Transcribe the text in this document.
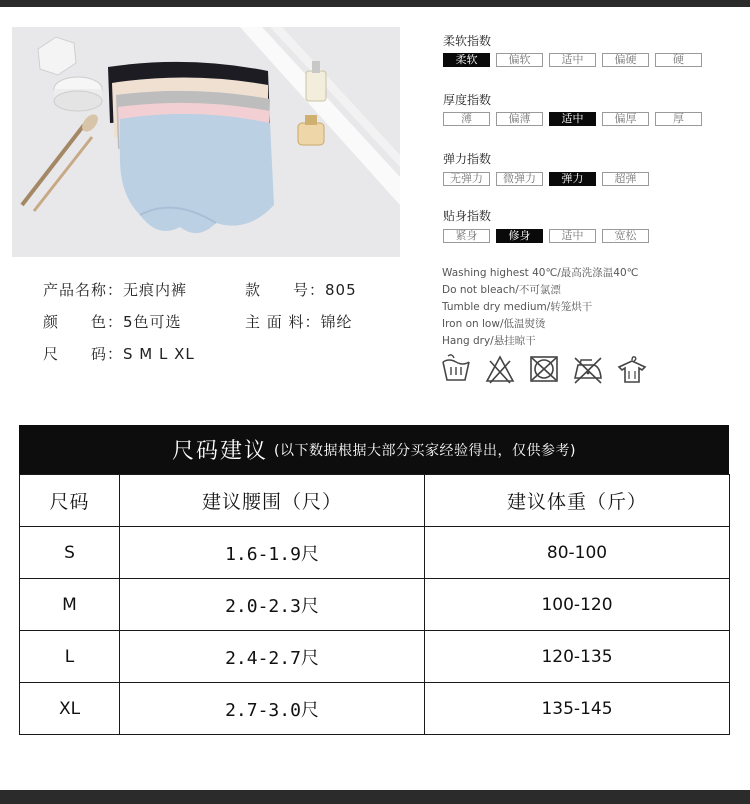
产品名称：无痕内裤	款　　号：805
颜　　色：5色可选	主 面 料：锦纶
尺　　码：S M L XL
柔软指数
柔软	偏软	适中	偏硬	硬
厚度指数
薄	偏薄	适中	偏厚	厚
弹力指数
无弹力	微弹力	弹力	超弹
贴身指数
紧身	修身	适中	宽松
Washing highest 40℃/最高洗涤温40℃
Do not bleach/不可氯漂
Tumble dry medium/转笼烘干
Iron on low/低温熨烫
Hang dry/悬挂晾干
尺码建议 (以下数据根据大部分买家经验得出，仅供参考)
尺码	建议腰围（尺）	建议体重（斤）
S	1.6-1.9尺	80-100
M	2.0-2.3尺	100-120
L	2.4-2.7尺	120-135
XL	2.7-3.0尺	135-145
